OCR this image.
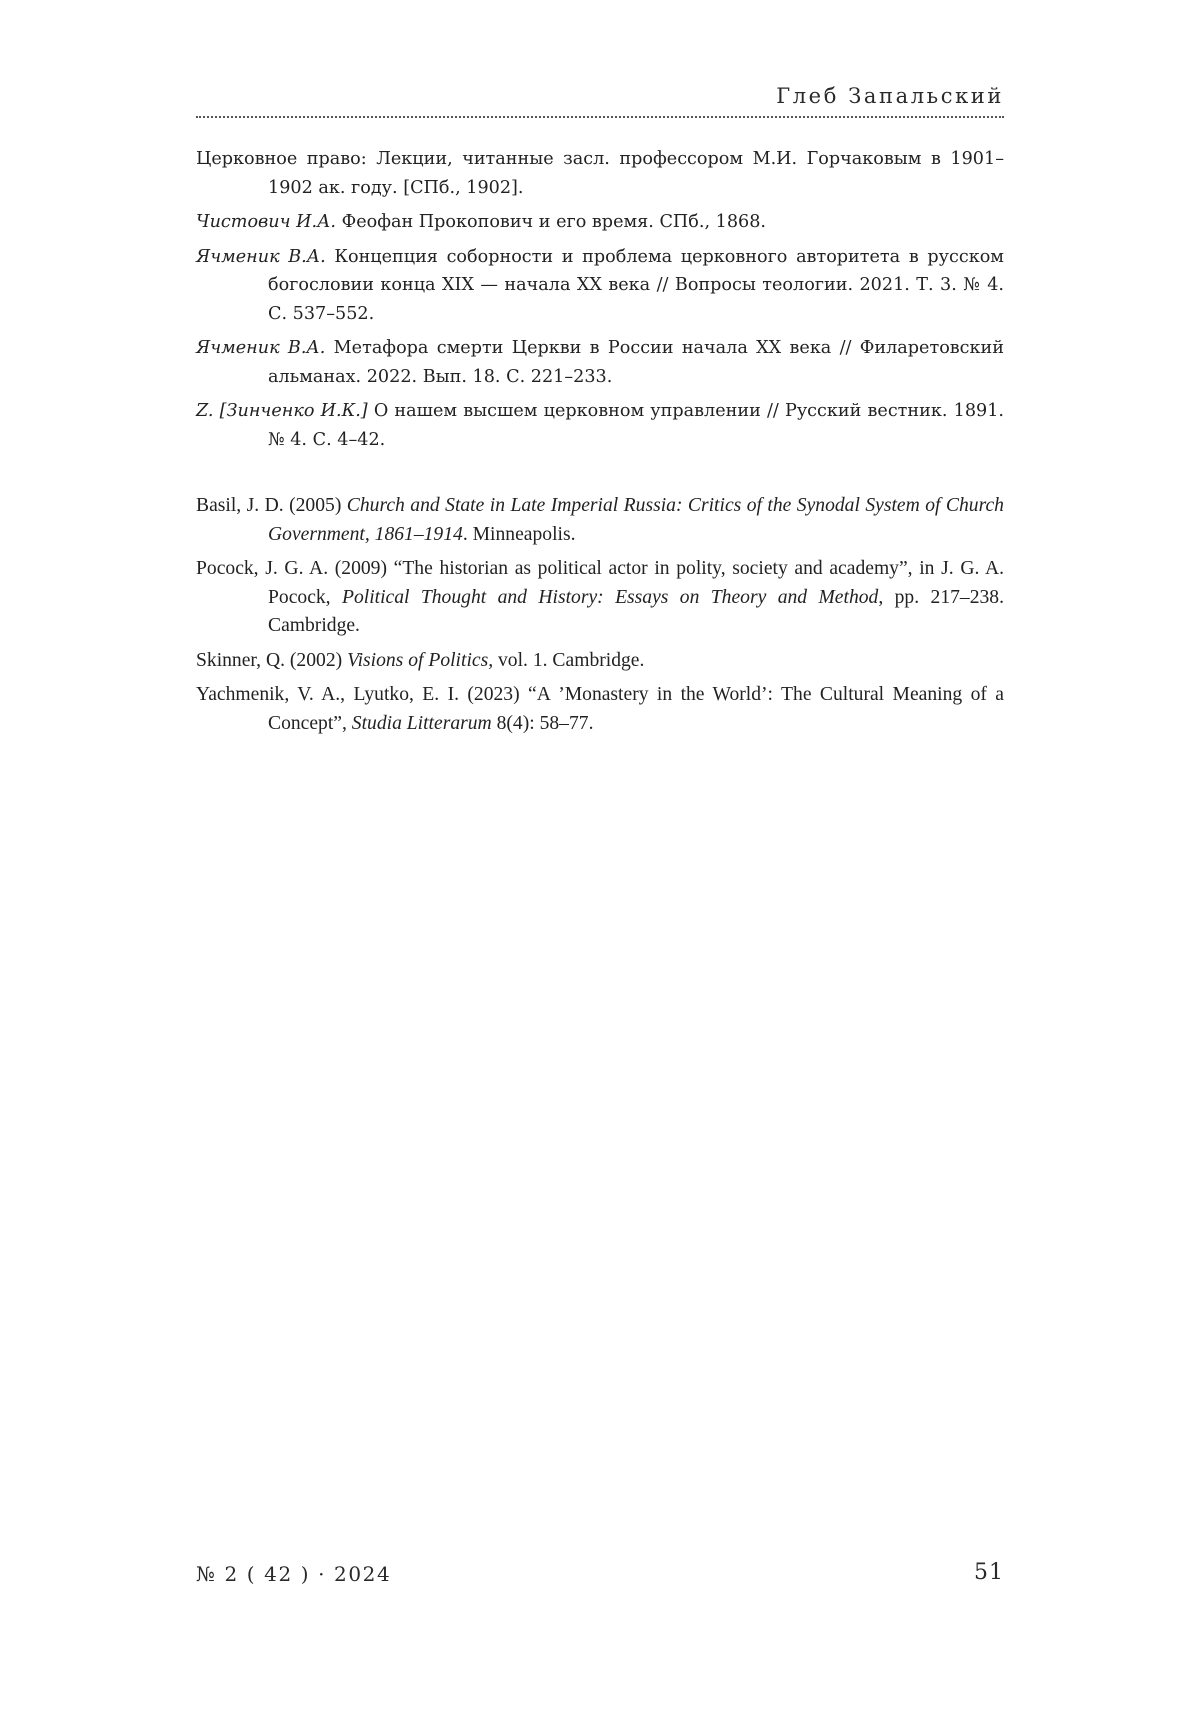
Глеб Запальский

Церковное право: Лекции, читанные засл. профессором М.И. Горчаковым в 1901–1902 ак. году. [СПб., 1902].

Чистович И.А. Феофан Прокопович и его время. СПб., 1868.

Ячменик В.А. Концепция соборности и проблема церковного авторитета в русском богословии конца XIX — начала XX века // Вопросы теологии. 2021. Т. 3. № 4. С. 537–552.

Ячменик В.А. Метафора смерти Церкви в России начала XX века // Филаретовский альманах. 2022. Вып. 18. С. 221–233.

Z. [Зинченко И.К.] О нашем высшем церковном управлении // Русский вестник. 1891. № 4. С. 4–42.

Basil, J. D. (2005) Church and State in Late Imperial Russia: Critics of the Synodal System of Church Government, 1861–1914. Minneapolis.

Pocock, J. G. A. (2009) “The historian as political actor in polity, society and academy”, in J. G. A. Pocock, Political Thought and History: Essays on Theory and Method, pp. 217–238. Cambridge.

Skinner, Q. (2002) Visions of Politics, vol. 1. Cambridge.

Yachmenik, V. A., Lyutko, E. I. (2023) “A ’Monastery in the World’: The Cultural Meaning of a Concept”, Studia Litterarum 8(4): 58–77.

№ 2 ( 42 ) · 2024	51
